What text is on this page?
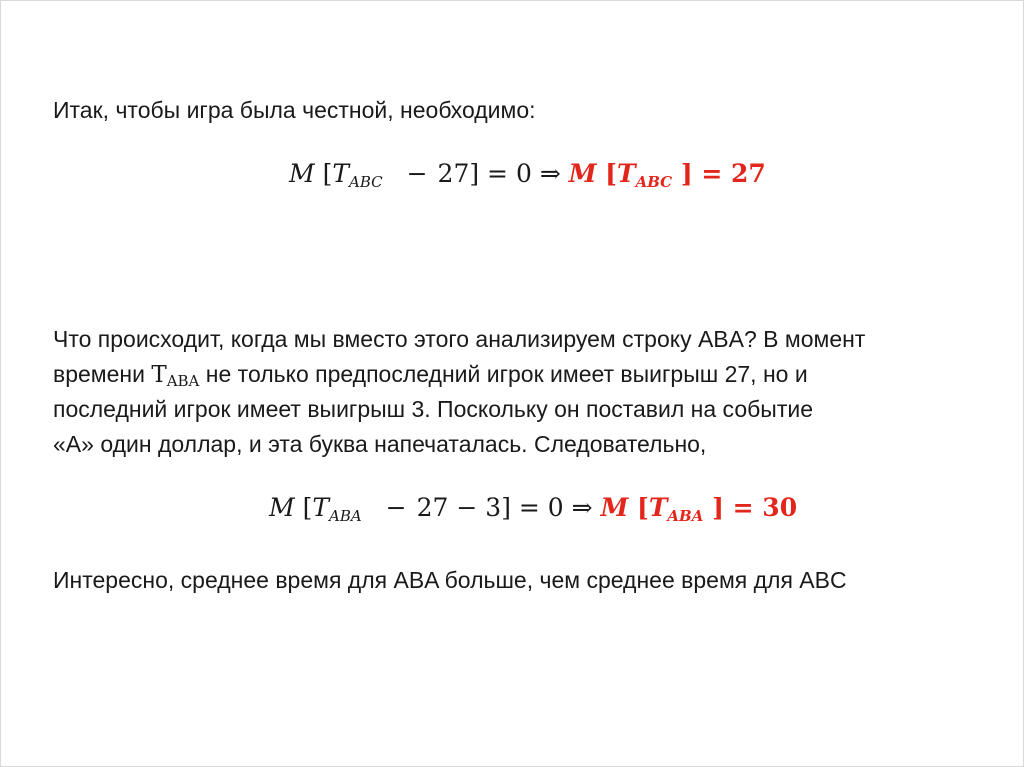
Итак, чтобы игра была честной, необходимо:
M $[T_{ABC} - 27] = 0$ ⇒ M [$T_{ABC}$ ] = 27
Что происходит, когда мы вместо этого анализируем строку ABA? В момент
времени TABA не только предпоследний игрок имеет выигрыш 27, но и
последний игрок имеет выигрыш 3. Поскольку он поставил на событие
«А» один доллар, и эта буква напечаталась. Следовательно,
M $[T_{ABA} - 27 - 3] = 0$ ⇒ M [$T_{ABA}$ ] = 30
Интересно, среднее время для ABA больше, чем среднее время для ABC
